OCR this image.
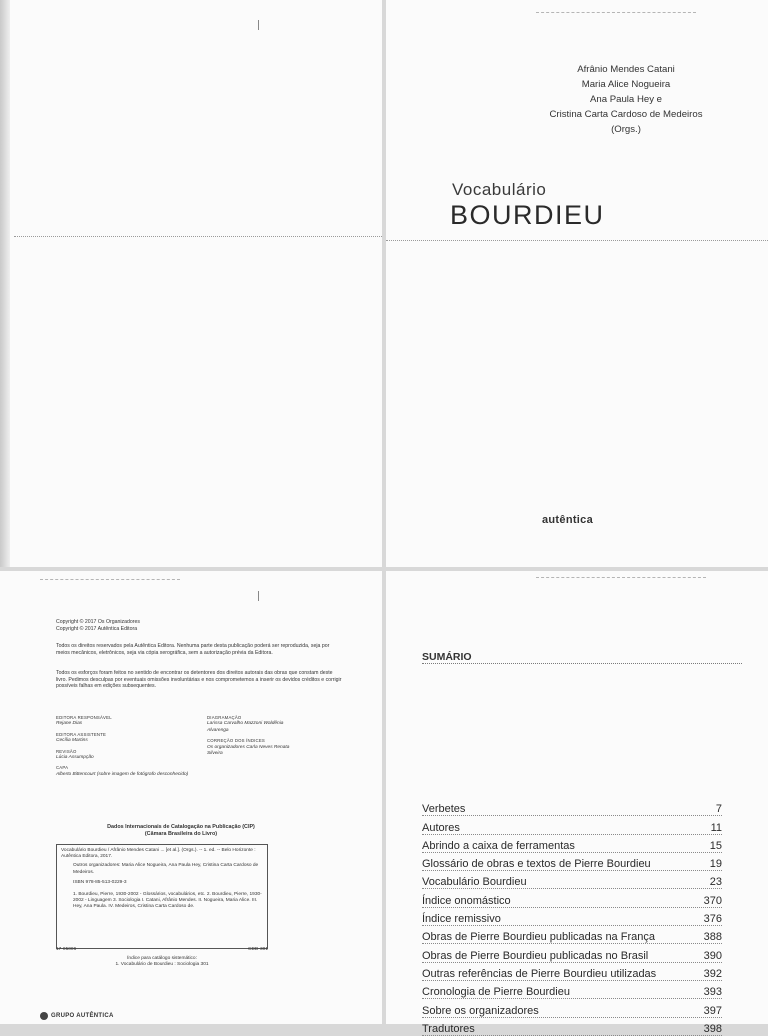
Afrânio Mendes Catani
Maria Alice Nogueira
Ana Paula Hey e
Cristina Carta Cardoso de Medeiros
(Orgs.)
Vocabulário
BOURDIEU
autêntica
Copyright © 2017 Os Organizadores
Copyright © 2017 Autêntica Editora
Todos os direitos reservados pela Autêntica Editora. Nenhuma parte desta publicação poderá ser reproduzida, seja por meios mecânicos, eletrônicos, seja via cópia xerográfica, sem a autorização prévia da Editora.
Todos os esforços foram feitos no sentido de encontrar os detentores dos direitos autorais das obras que constam deste livro. Pedimos desculpas por eventuais omissões involuntárias e nos comprometemos a inserir os devidos créditos e corrigir possíveis falhas em edições subsequentes.
EDITORA RESPONSÁVEL
Rejane Dias
EDITORA ASSISTENTE
Cecília Martins
REVISÃO
Lúcia Assumpção
CAPA
Alberto Bittencourt (sobre imagem de fotógrafo desconhecido)
DIAGRAMAÇÃO
Larissa Carvalho Mazzoni Waldênia Alvarenga
CORREÇÃO DOS ÍNDICES
Os organizadores Carla Neves Renata Silveira
Dados Internacionais de Catalogação na Publicação (CIP)
(Câmara Brasileira do Livro)

Vocabulário Bourdieu / Afrânio Mendes Catani ... [et al.]. (Orgs.). -- 1. ed. -- Belo Horizonte : Autêntica Editora, 2017.

Outros organizadores: Maria Alice Nogueira, Ana Paula Hey, Cristina Carta Cardoso de Medeiros.

ISBN 978-85-513-0229-3

1. Bourdieu, Pierre, 1930-2002 - Glossários, vocabulários, etc. 2. Bourdieu, Pierre, 1930-2002 - Linguagem 3. Sociologia I. Catani, Afrânio Mendes. II. Nogueira, Maria Alice. III. Hey, Ana Paula. IV. Medeiros, Cristina Carta Cardoso de.

17-05006	CDD-301
Índice para catálogo sistemático:
1. Vocabulário de Bourdieu : Sociologia 301
GRUPO AUTÊNTICA
SUMÁRIO
Verbetes	7
Autores	11
Abrindo a caixa de ferramentas	15
Glossário de obras e textos de Pierre Bourdieu	19
Vocabulário Bourdieu	23
Índice onomástico	370
Índice remissivo	376
Obras de Pierre Bourdieu publicadas na França	388
Obras de Pierre Bourdieu publicadas no Brasil	390
Outras referências de Pierre Bourdieu utilizadas	392
Cronologia de Pierre Bourdieu	393
Sobre os organizadores	397
Tradutores	398
